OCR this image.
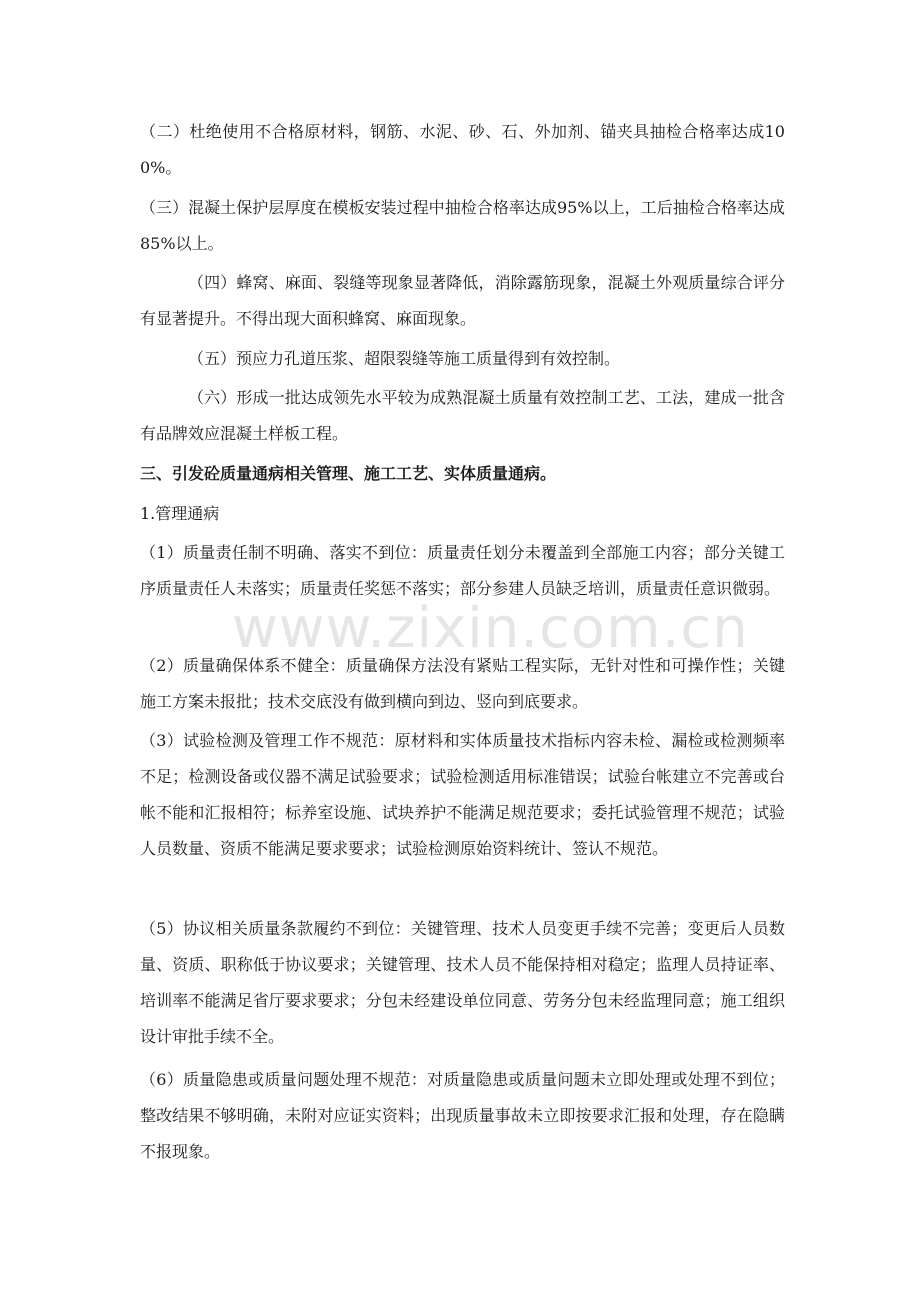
（二）杜绝使用不合格原材料，钢筋、水泥、砂、石、外加剂、锚夹具抽检合格率达成100%。

（三）混凝土保护层厚度在模板安装过程中抽检合格率达成95%以上，工后抽检合格率达成85%以上。

（四）蜂窝、麻面、裂缝等现象显著降低，消除露筋现象，混凝土外观质量综合评分有显著提升。不得出现大面积蜂窝、麻面现象。

（五）预应力孔道压浆、超限裂缝等施工质量得到有效控制。

（六）形成一批达成领先水平较为成熟混凝土质量有效控制工艺、工法，建成一批含有品牌效应混凝土样板工程。

三、引发砼质量通病相关管理、施工工艺、实体质量通病。

1.管理通病

（1）质量责任制不明确、落实不到位：质量责任划分未覆盖到全部施工内容；部分关键工序质量责任人未落实；质量责任奖惩不落实；部分参建人员缺乏培训，质量责任意识微弱。

（2）质量确保体系不健全：质量确保方法没有紧贴工程实际，无针对性和可操作性；关键施工方案未报批；技术交底没有做到横向到边、竖向到底要求。

（3）试验检测及管理工作不规范：原材料和实体质量技术指标内容未检、漏检或检测频率不足；检测设备或仪器不满足试验要求；试验检测适用标准错误；试验台帐建立不完善或台帐不能和汇报相符；标养室设施、试块养护不能满足规范要求；委托试验管理不规范；试验人员数量、资质不能满足要求要求；试验检测原始资料统计、签认不规范。

（5）协议相关质量条款履约不到位：关键管理、技术人员变更手续不完善；变更后人员数量、资质、职称低于协议要求；关键管理、技术人员不能保持相对稳定；监理人员持证率、培训率不能满足省厅要求要求；分包未经建设单位同意、劳务分包未经监理同意；施工组织设计审批手续不全。

（6）质量隐患或质量问题处理不规范：对质量隐患或质量问题未立即处理或处理不到位；整改结果不够明确，未附对应证实资料；出现质量事故未立即按要求汇报和处理，存在隐瞒不报现象。

www.zixin.com.cn
